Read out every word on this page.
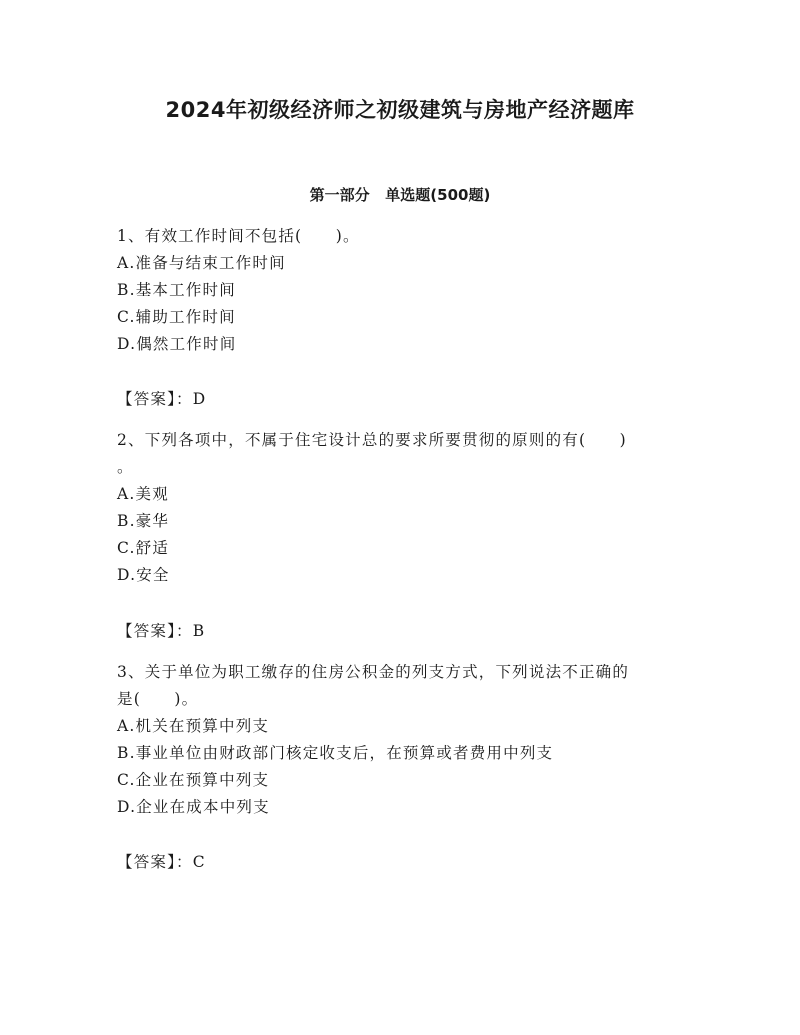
2024年初级经济师之初级建筑与房地产经济题库
第一部分   单选题(500题)
1、有效工作时间不包括(　　)。
A.准备与结束工作时间
B.基本工作时间
C.辅助工作时间
D.偶然工作时间
【答案】：D
2、下列各项中，不属于住宅设计总的要求所要贯彻的原则的有(　　)
。
A.美观
B.豪华
C.舒适
D.安全
【答案】：B
3、关于单位为职工缴存的住房公积金的列支方式，下列说法不正确的
是(　　)。
A.机关在预算中列支
B.事业单位由财政部门核定收支后，在预算或者费用中列支
C.企业在预算中列支
D.企业在成本中列支
【答案】：C
